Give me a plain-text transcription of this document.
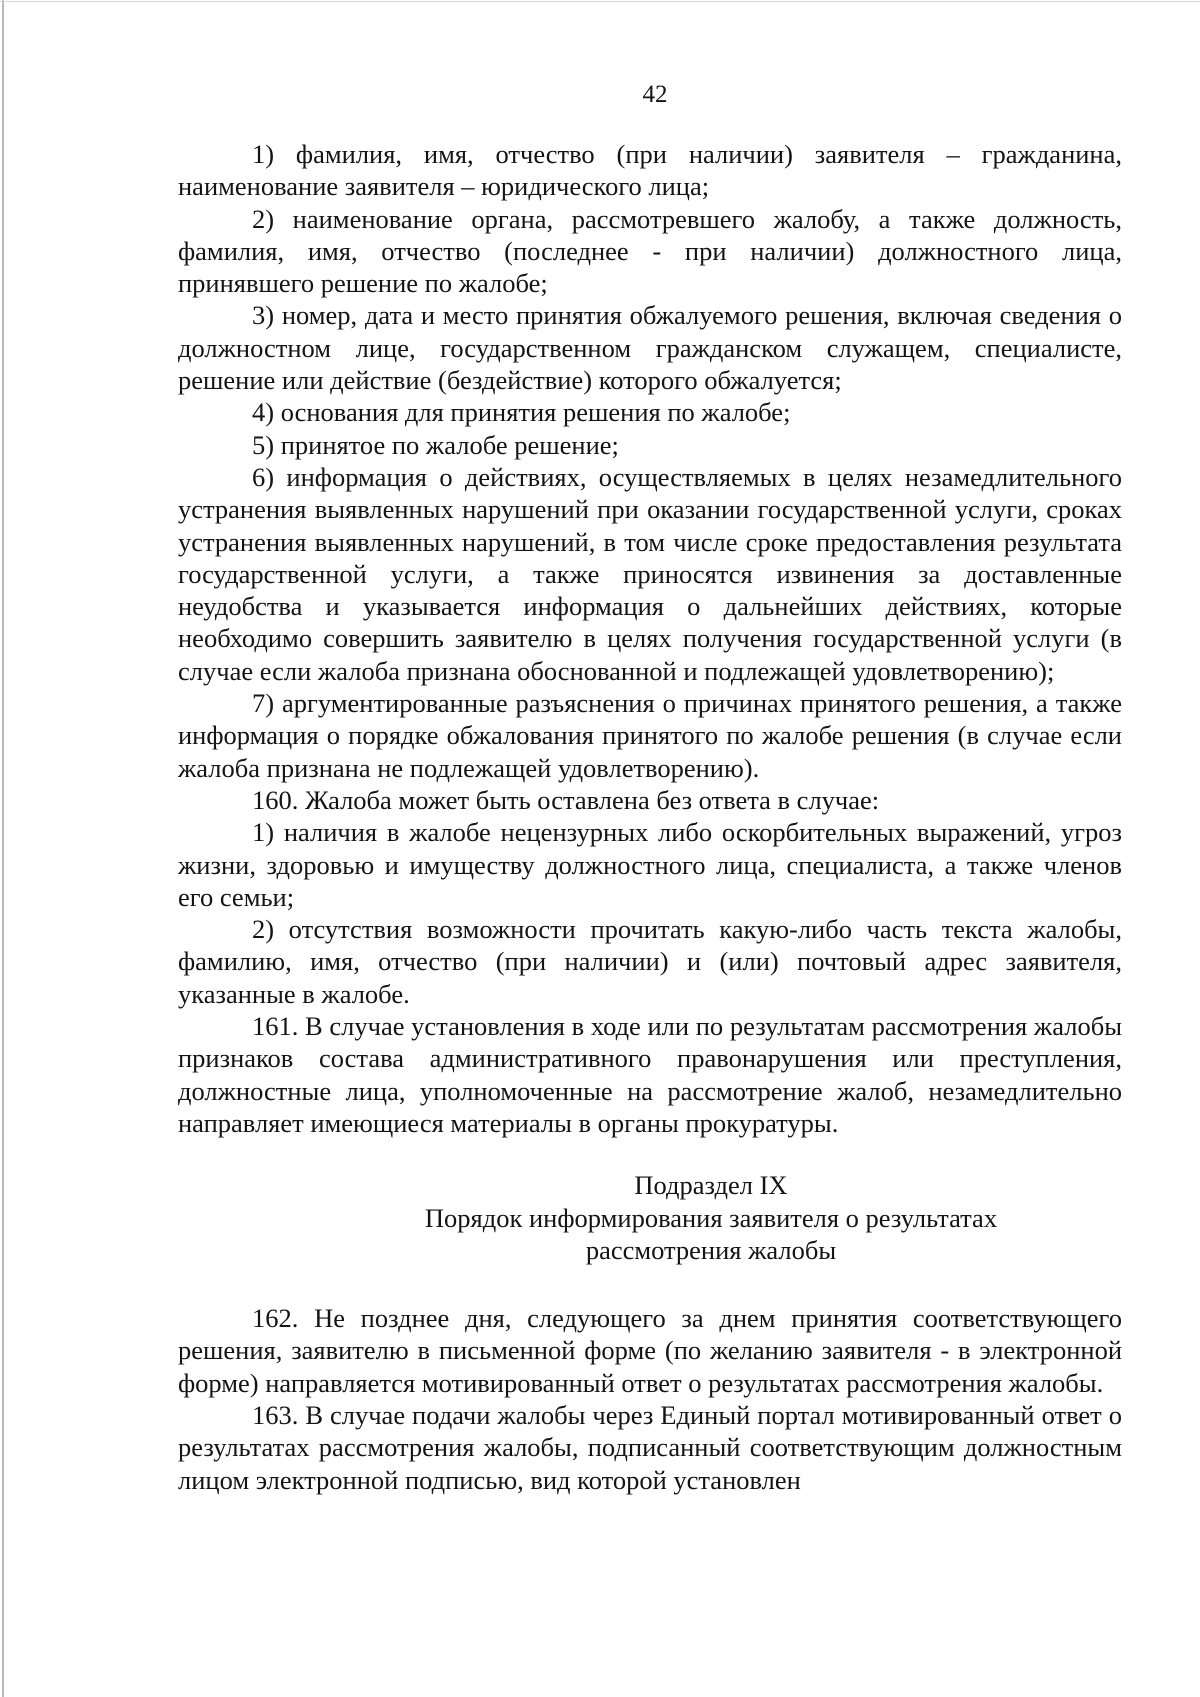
42

1) фамилия, имя, отчество (при наличии) заявителя – гражданина, наименование заявителя – юридического лица;

2) наименование органа, рассмотревшего жалобу, а также должность, фамилия, имя, отчество (последнее - при наличии) должностного лица, принявшего решение по жалобе;

3) номер, дата и место принятия обжалуемого решения, включая сведения о должностном лице, государственном гражданском служащем, специалисте, решение или действие (бездействие) которого обжалуется;

4) основания для принятия решения по жалобе;

5) принятое по жалобе решение;

6) информация о действиях, осуществляемых в целях незамедлительного устранения выявленных нарушений при оказании государственной услуги, сроках устранения выявленных нарушений, в том числе сроке предоставления результата государственной услуги, а также приносятся извинения за доставленные неудобства и указывается информация о дальнейших действиях, которые необходимо совершить заявителю в целях получения государственной услуги (в случае если жалоба признана обоснованной и подлежащей удовлетворению);

7) аргументированные разъяснения о причинах принятого решения, а также информация о порядке обжалования принятого по жалобе решения (в случае если жалоба признана не подлежащей удовлетворению).

160. Жалоба может быть оставлена без ответа в случае:

1) наличия в жалобе нецензурных либо оскорбительных выражений, угроз жизни, здоровью и имуществу должностного лица, специалиста, а также членов его семьи;

2) отсутствия возможности прочитать какую-либо часть текста жалобы, фамилию, имя, отчество (при наличии) и (или) почтовый адрес заявителя, указанные в жалобе.

161. В случае установления в ходе или по результатам рассмотрения жалобы признаков состава административного правонарушения или преступления, должностные лица, уполномоченные на рассмотрение жалоб, незамедлительно направляет имеющиеся материалы в органы прокуратуры.

Подраздел IX

Порядок информирования заявителя о результатах

рассмотрения жалобы

162. Не позднее дня, следующего за днем принятия соответствующего решения, заявителю в письменной форме (по желанию заявителя - в электронной форме) направляется мотивированный ответ о результатах рассмотрения жалобы.

163. В случае подачи жалобы через Единый портал мотивированный ответ о результатах рассмотрения жалобы, подписанный соответствующим должностным лицом электронной подписью, вид которой установлен
